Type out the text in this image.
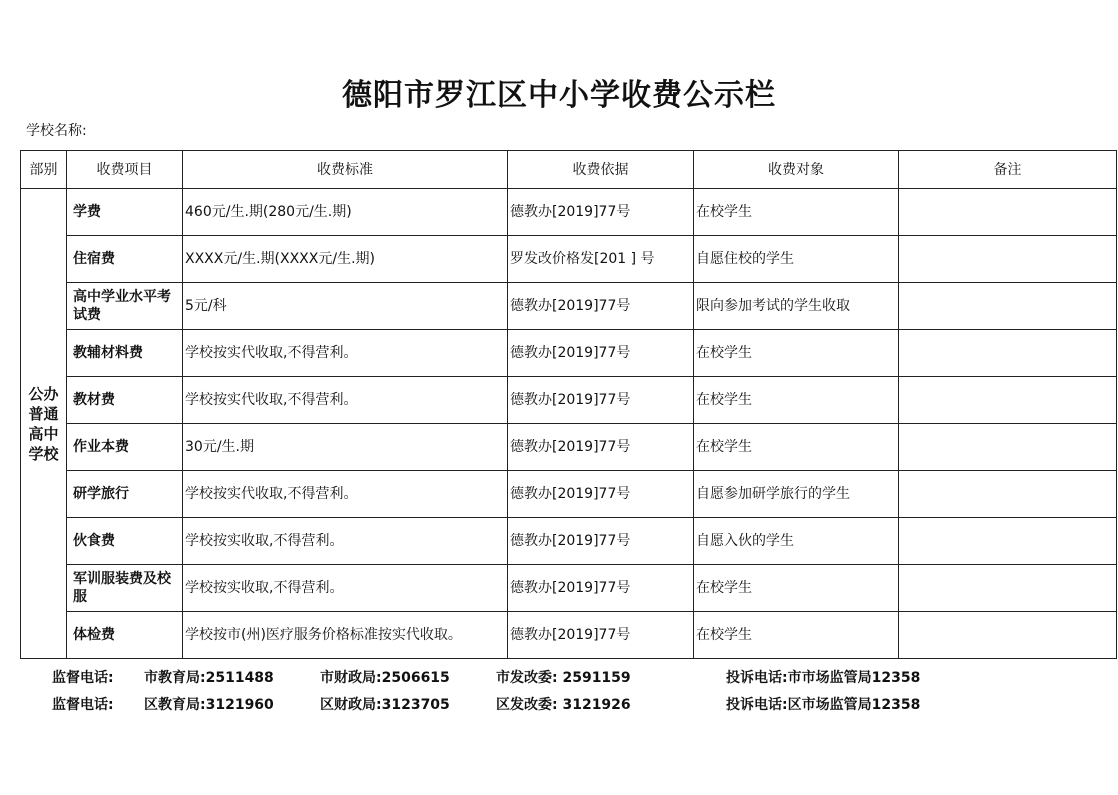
德阳市罗江区中小学收费公示栏
学校名称:
部别	收费项目	收费标准	收费依据	收费对象	备注
公办普通高中学校	学费	460元/生.期(280元/生.期)	德教办[2019]77号	在校学生	
	住宿费	XXXX元/生.期(XXXX元/生.期)	罗发改价格发[201 ] 号	自愿住校的学生	
	高中学业水平考试费	5元/科	德教办[2019]77号	限向参加考试的学生收取	
	教辅材料费	学校按实代收取,不得营利。	德教办[2019]77号	在校学生	
	教材费	学校按实代收取,不得营利。	德教办[2019]77号	在校学生	
	作业本费	30元/生.期	德教办[2019]77号	在校学生	
	研学旅行	学校按实代收取,不得营利。	德教办[2019]77号	自愿参加研学旅行的学生	
	伙食费	学校按实收取,不得营利。	德教办[2019]77号	自愿入伙的学生	
	军训服装费及校服	学校按实收取,不得营利。	德教办[2019]77号	在校学生	
	体检费	学校按市(州)医疗服务价格标准按实代收取。	德教办[2019]77号	在校学生	
监督电话: 市教育局:2511488	市财政局:2506615	市发改委: 2591159	投诉电话:市市场监管局12358
监督电话: 区教育局:3121960	区财政局:3123705	区发改委: 3121926	投诉电话:区市场监管局12358
